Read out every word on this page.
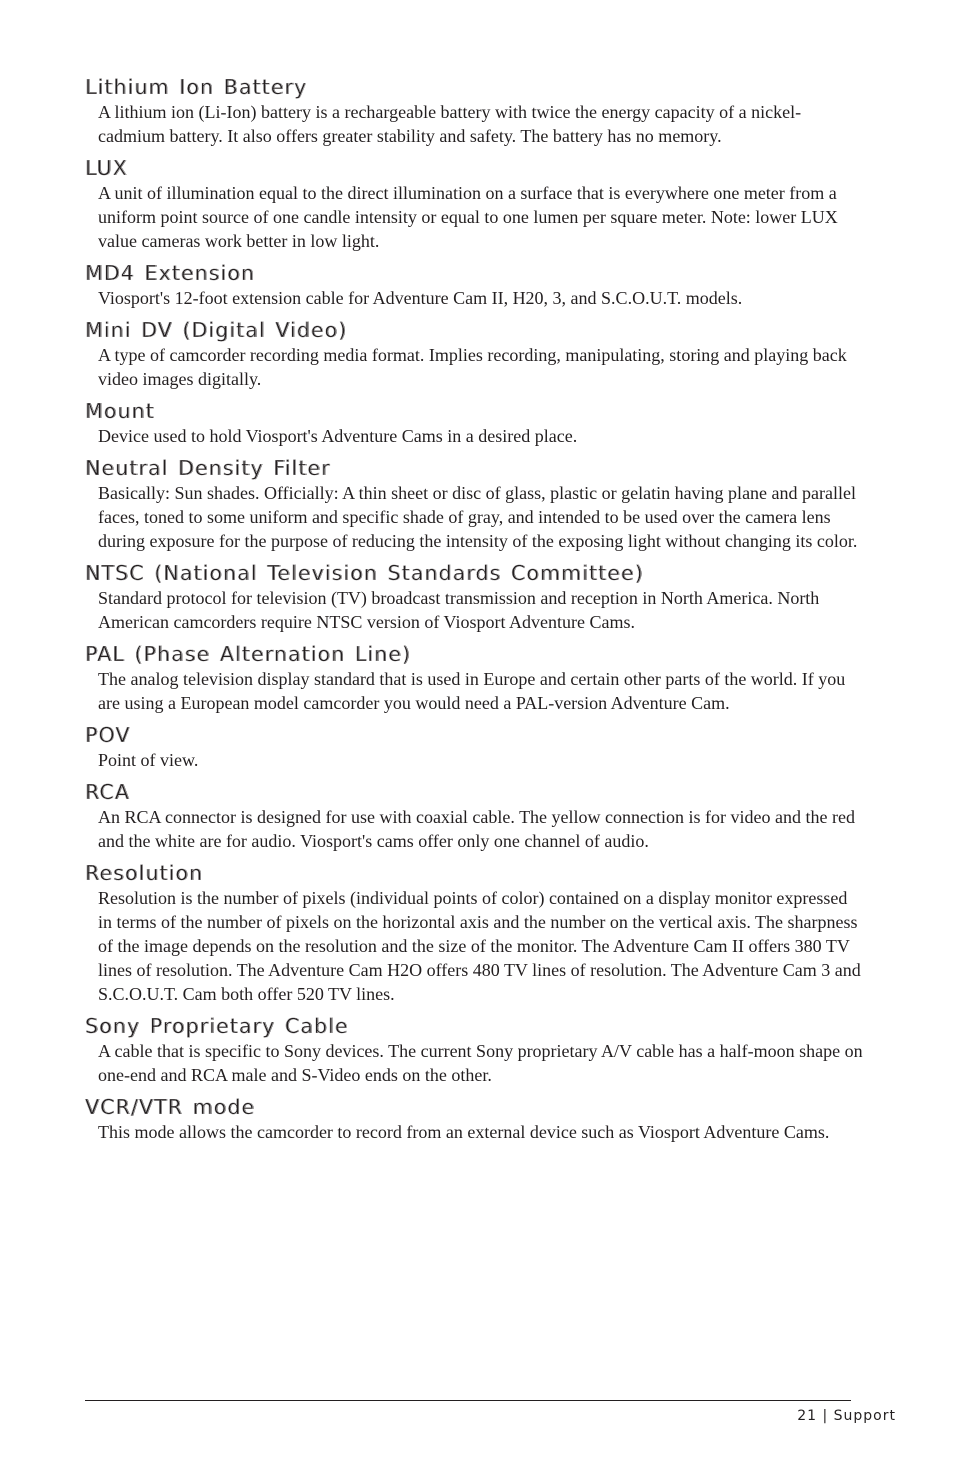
Lithium Ion Battery

A lithium ion (Li-Ion) battery is a rechargeable battery with twice the energy capacity of a nickel-cadmium battery. It also offers greater stability and safety. The battery has no memory.

LUX

A unit of illumination equal to the direct illumination on a surface that is everywhere one meter from a uniform point source of one candle intensity or equal to one lumen per square meter. Note: lower LUX value cameras work better in low light.

MD4 Extension

Viosport's 12-foot extension cable for Adventure Cam II, H20, 3, and S.C.O.U.T. models.

Mini DV (Digital Video)

A type of camcorder recording media format. Implies recording, manipulating, storing and playing back video images digitally.

Mount

Device used to hold Viosport's Adventure Cams in a desired place.

Neutral Density Filter

Basically: Sun shades. Officially: A thin sheet or disc of glass, plastic or gelatin having plane and parallel faces, toned to some uniform and specific shade of gray, and intended to be used over the camera lens during exposure for the purpose of reducing the intensity of the exposing light without changing its color.

NTSC (National Television Standards Committee)

Standard protocol for television (TV) broadcast transmission and reception in North America. North American camcorders require NTSC version of Viosport Adventure Cams.

PAL (Phase Alternation Line)

The analog television display standard that is used in Europe and certain other parts of the world. If you are using a European model camcorder you would need a PAL-version Adventure Cam.

POV

Point of view.

RCA

An RCA connector is designed for use with coaxial cable. The yellow connection is for video and the red and the white are for audio. Viosport's cams offer only one channel of audio.

Resolution

Resolution is the number of pixels (individual points of color) contained on a display monitor expressed in terms of the number of pixels on the horizontal axis and the number on the vertical axis. The sharpness of the image depends on the resolution and the size of the monitor. The Adventure Cam II offers 380 TV lines of resolution. The Adventure Cam H2O offers 480 TV lines of resolution. The Adventure Cam 3 and S.C.O.U.T. Cam both offer 520 TV lines.

Sony Proprietary Cable

A cable that is specific to Sony devices. The current Sony proprietary A/V cable has a half-moon shape on one-end and RCA male and S-Video ends on the other.

VCR/VTR mode

This mode allows the camcorder to record from an external device such as Viosport Adventure Cams.

21 | Support
